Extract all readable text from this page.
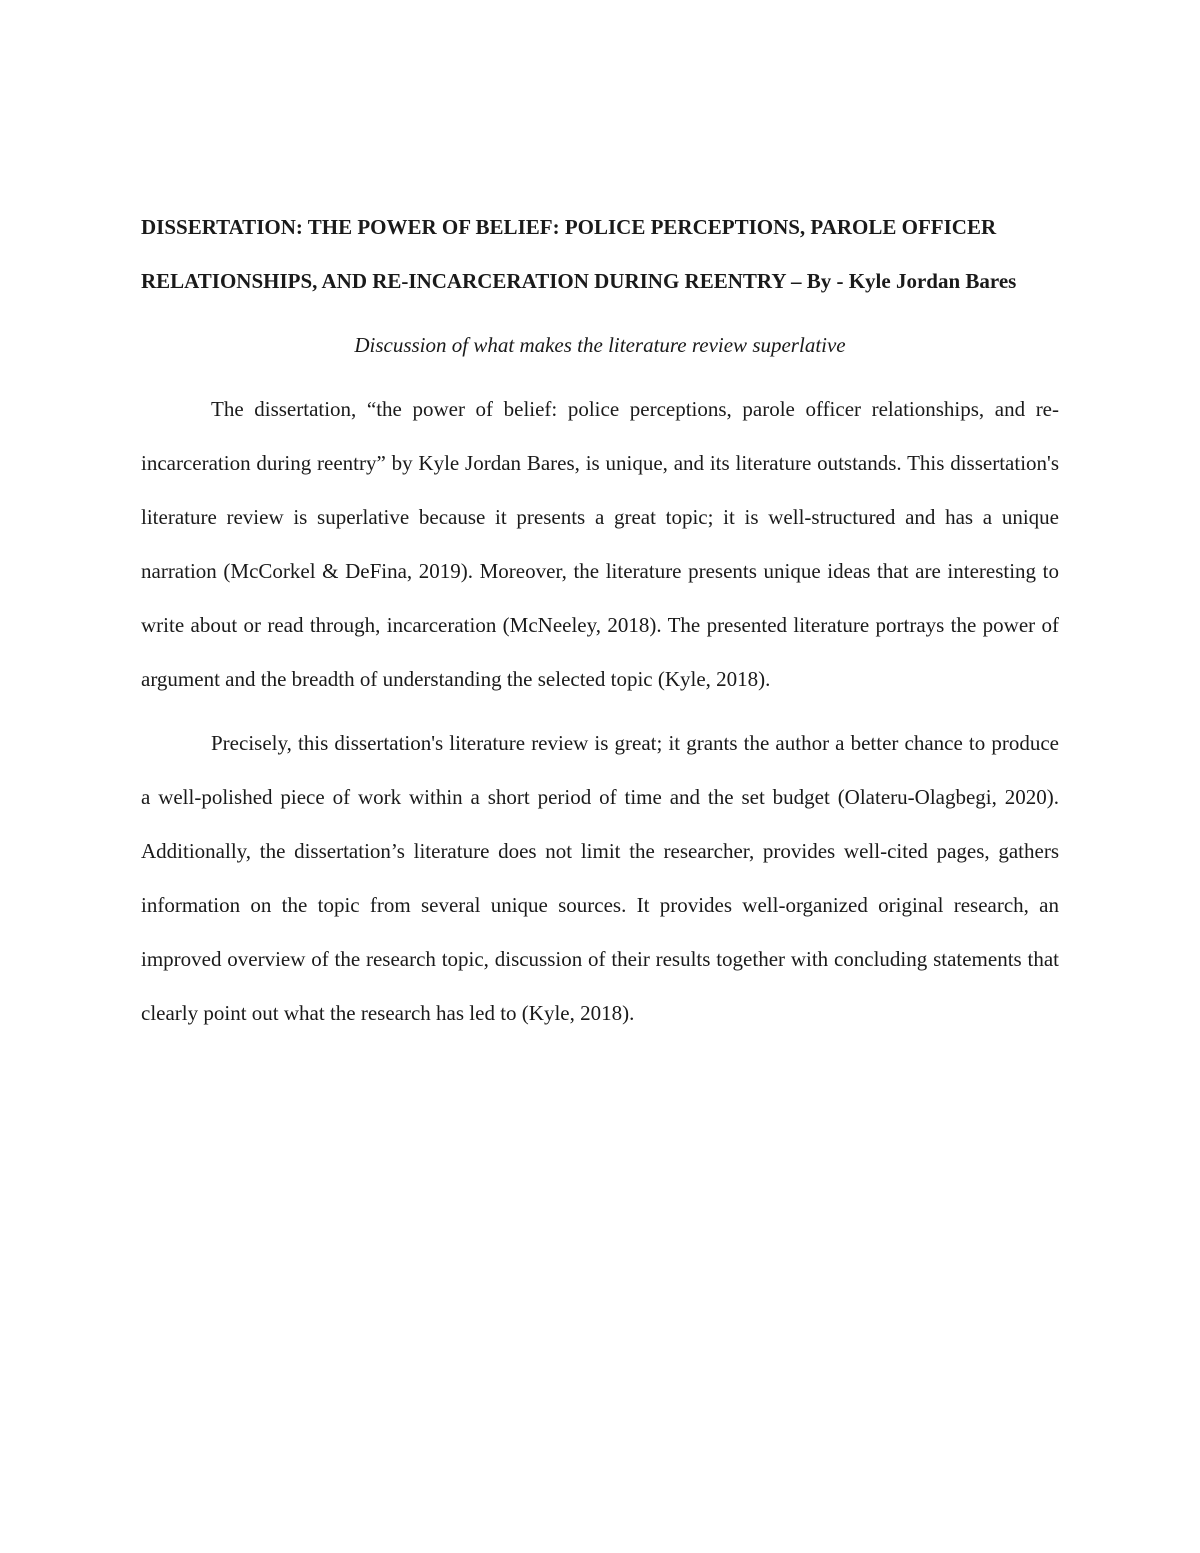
DISSERTATION: THE POWER OF BELIEF: POLICE PERCEPTIONS, PAROLE OFFICER RELATIONSHIPS, AND RE-INCARCERATION DURING REENTRY – By - Kyle Jordan Bares

Discussion of what makes the literature review superlative

The dissertation, “the power of belief: police perceptions, parole officer relationships, and re-incarceration during reentry” by Kyle Jordan Bares, is unique, and its literature outstands. This dissertation's literature review is superlative because it presents a great topic; it is well-structured and has a unique narration (McCorkel & DeFina, 2019). Moreover, the literature presents unique ideas that are interesting to write about or read through, incarceration (McNeeley, 2018). The presented literature portrays the power of argument and the breadth of understanding the selected topic (Kyle, 2018).

Precisely, this dissertation's literature review is great; it grants the author a better chance to produce a well-polished piece of work within a short period of time and the set budget (Olateru-Olagbegi, 2020). Additionally, the dissertation’s literature does not limit the researcher, provides well-cited pages, gathers information on the topic from several unique sources. It provides well-organized original research, an improved overview of the research topic, discussion of their results together with concluding statements that clearly point out what the research has led to (Kyle, 2018).
